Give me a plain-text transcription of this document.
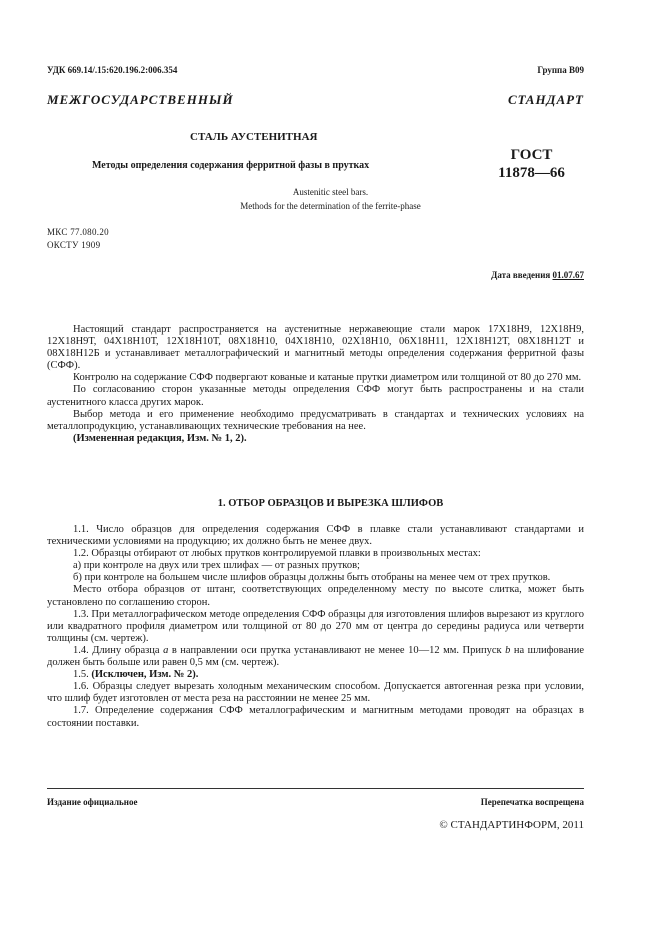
УДК 669.14/.15:620.196.2:006.354	Группа В09
МЕЖГОСУДАРСТВЕННЫЙ СТАНДАРТ
СТАЛЬ АУСТЕНИТНАЯ
Методы определения содержания ферритной фазы в прутках
ГОСТ
11878—66
Austenitic steel bars.
Methods for the determination of the ferrite-phase
МКС 77.080.20
ОКСТУ 1909
Дата введения 01.07.67

Настоящий стандарт распространяется на аустенитные нержавеющие стали марок 17Х18Н9, 12Х18Н9, 12Х18Н9Т, 04Х18Н10Т, 12Х18Н10Т, 08Х18Н10, 04Х18Н10, 02Х18Н10, 06Х18Н11, 12Х18Н12Т, 08Х18Н12Т и 08Х18Н12Б и устанавливает металлографический и магнитный методы определения содержания ферритной фазы (СФФ).

Контролю на содержание СФФ подвергают кованые и катаные прутки диаметром или толщиной от 80 до 270 мм.

По согласованию сторон указанные методы определения СФФ могут быть распространены и на стали аустенитного класса других марок.

Выбор метода и его применение необходимо предусматривать в стандартах и технических условиях на металлопродукцию, устанавливающих технические требования на нее.

(Измененная редакция, Изм. № 1, 2).

1. ОТБОР ОБРАЗЦОВ И ВЫРЕЗКА ШЛИФОВ

1.1. Число образцов для определения содержания СФФ в плавке стали устанавливают стандартами и техническими условиями на продукцию; их должно быть не менее двух.

1.2. Образцы отбирают от любых прутков контролируемой плавки в произвольных местах:

а) при контроле на двух или трех шлифах — от разных прутков;

б) при контроле на большем числе шлифов образцы должны быть отобраны на менее чем от трех прутков.

Место отбора образцов от штанг, соответствующих определенному месту по высоте слитка, может быть установлено по соглашению сторон.

1.3. При металлографическом методе определения СФФ образцы для изготовления шлифов вырезают из круглого или квадратного профиля диаметром или толщиной от 80 до 270 мм от центра до середины радиуса или четверти толщины (см. чертеж).

1.4. Длину образца а в направлении оси прутка устанавливают не менее 10—12 мм. Припуск b на шлифование должен быть больше или равен 0,5 мм (см. чертеж).

1.5. (Исключен, Изм. № 2).

1.6. Образцы следует вырезать холодным механическим способом. Допускается автогенная резка при условии, что шлиф будет изготовлен от места реза на расстоянии не менее 25 мм.

1.7. Определение содержания СФФ металлографическим и магнитным методами проводят на образцах в состоянии поставки.

Издание официальное	Перепечатка воспрещена
© СТАНДАРТИНФОРМ, 2011
